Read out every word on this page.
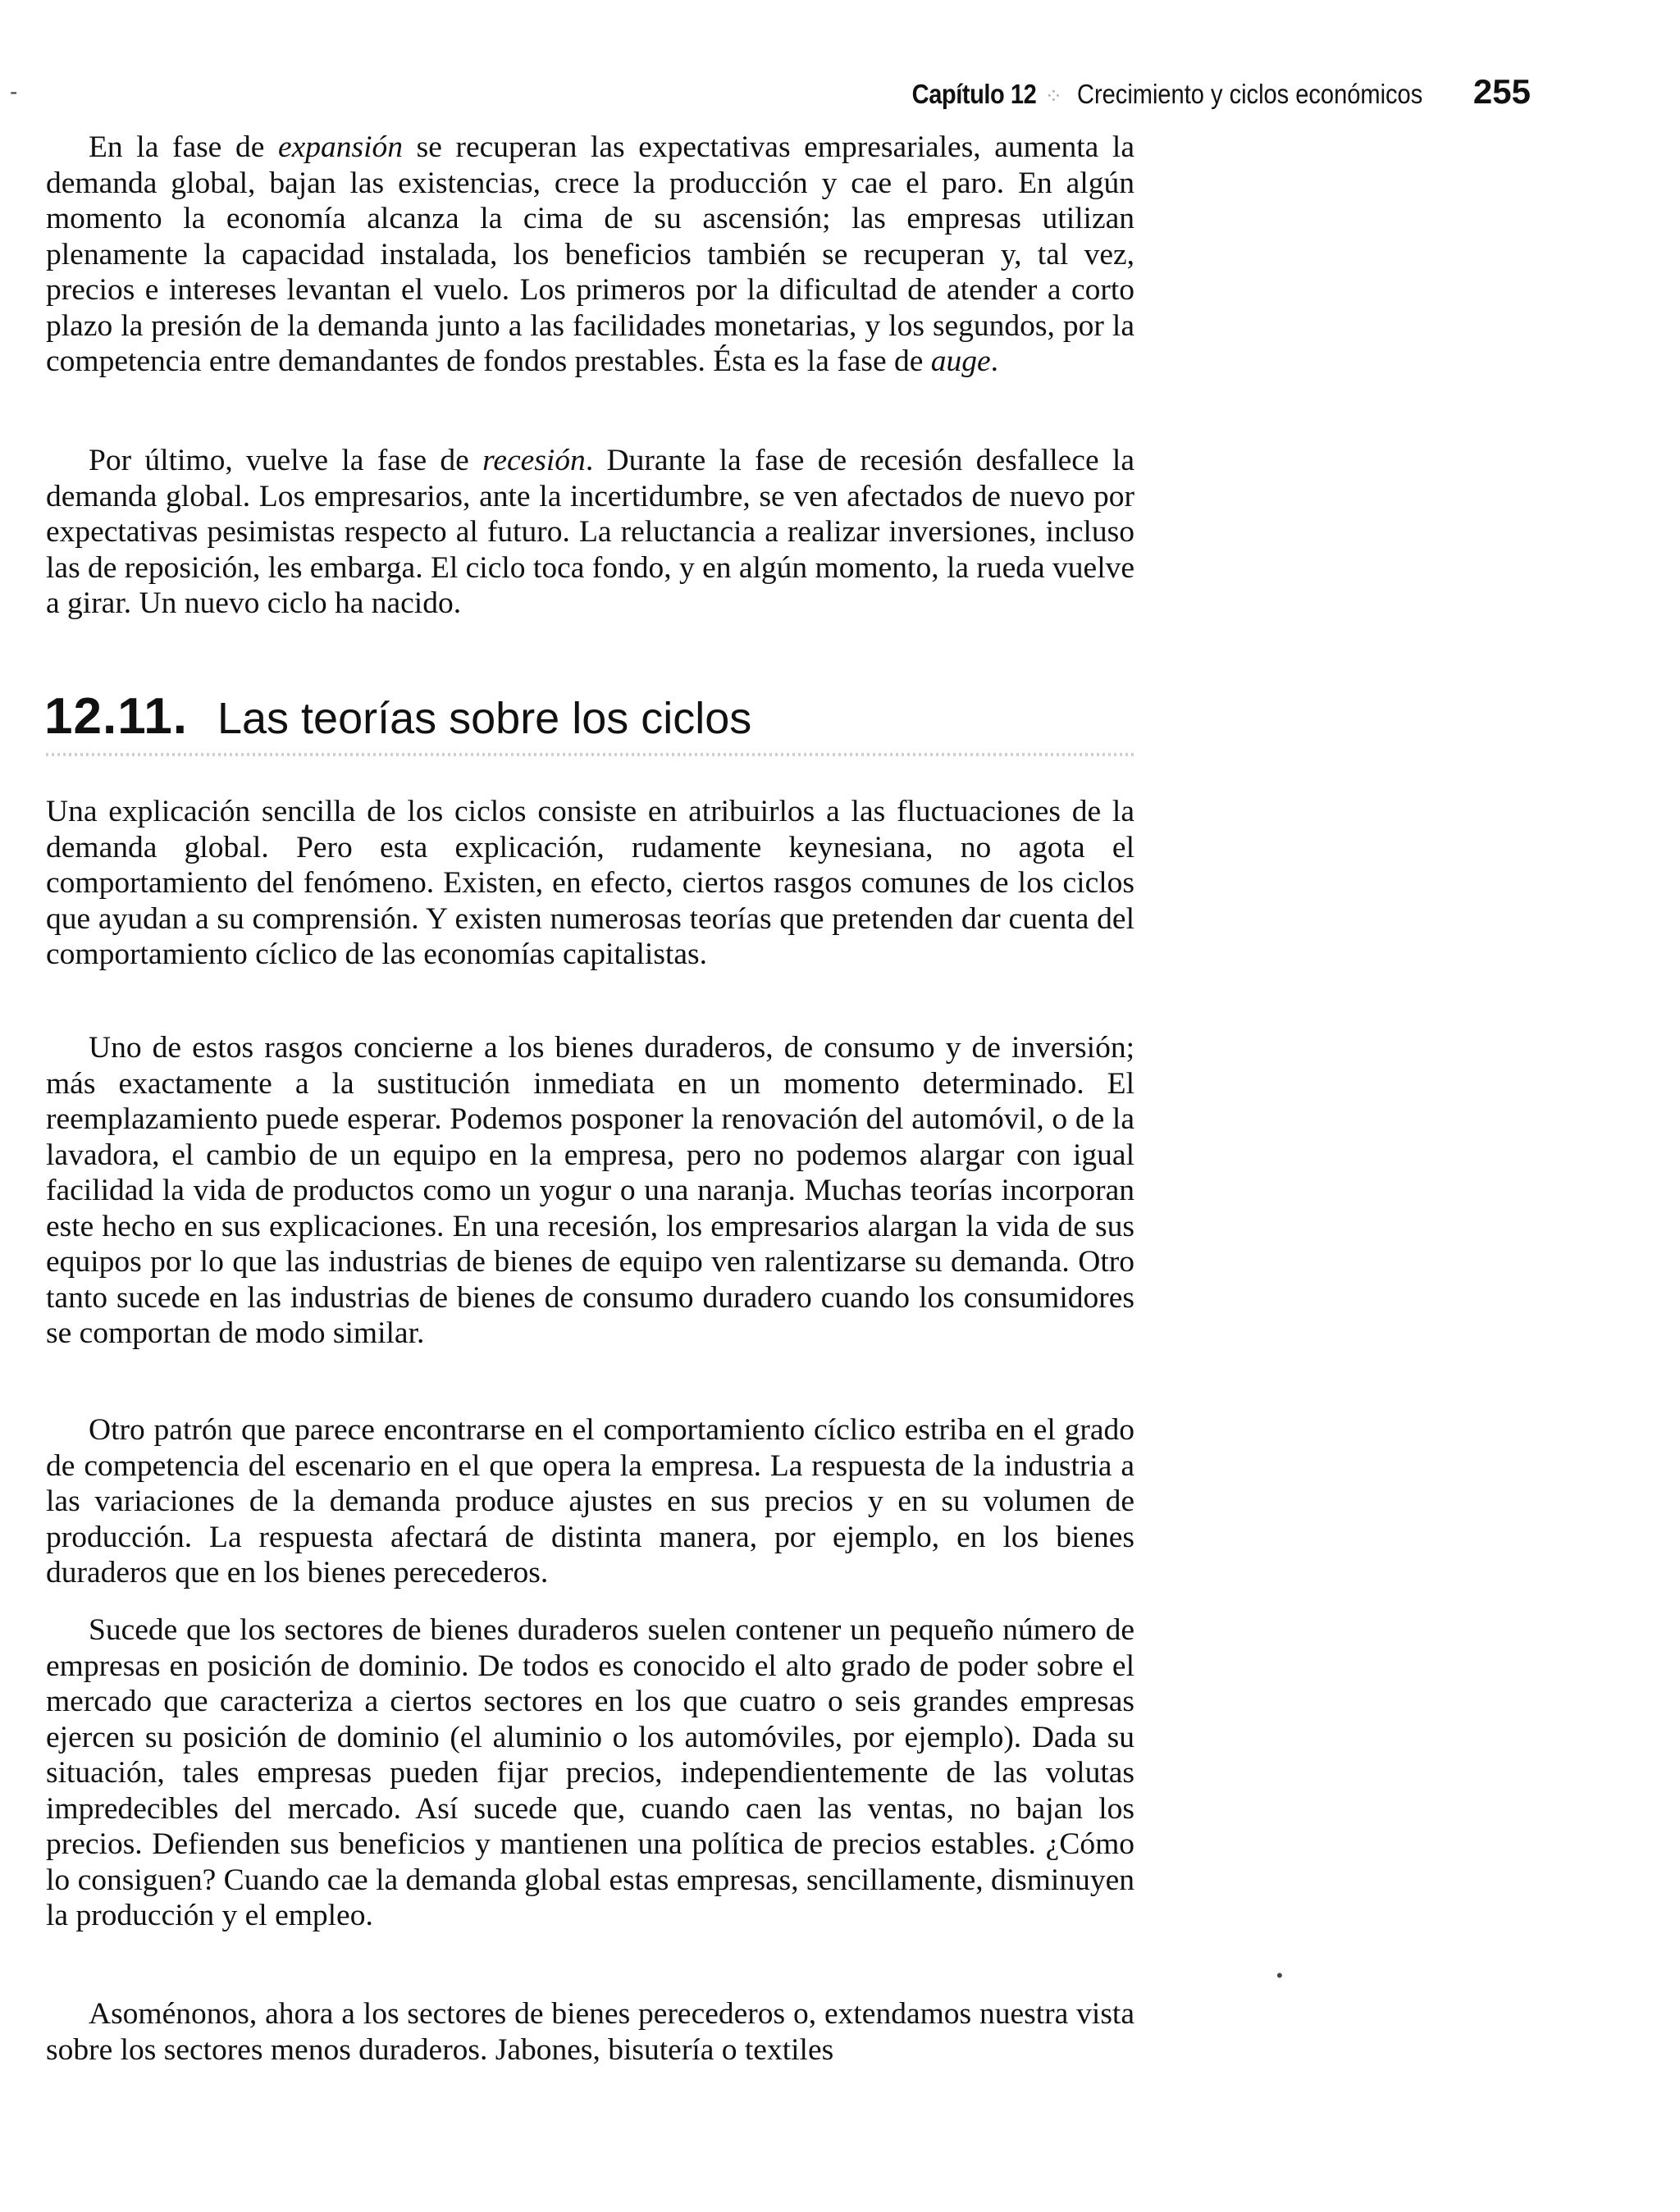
Capítulo 12 ⁘ Crecimiento y ciclos económicos 255
-

En la fase de expansión se recuperan las expectativas empresariales, aumenta la demanda global, bajan las existencias, crece la producción y cae el paro. En algún momento la economía alcanza la cima de su ascensión; las empresas utilizan plenamente la capacidad instalada, los beneficios también se recuperan y, tal vez, precios e intereses levantan el vuelo. Los primeros por la dificultad de atender a corto plazo la presión de la demanda junto a las facilidades monetarias, y los segundos, por la competencia entre demandantes de fondos prestables. Ésta es la fase de auge.

Por último, vuelve la fase de recesión. Durante la fase de recesión desfallece la demanda global. Los empresarios, ante la incertidumbre, se ven afectados de nuevo por expectativas pesimistas respecto al futuro. La reluctancia a realizar inversiones, incluso las de reposición, les embarga. El ciclo toca fondo, y en algún momento, la rueda vuelve a girar. Un nuevo ciclo ha nacido.

12.11. Las teorías sobre los ciclos

Una explicación sencilla de los ciclos consiste en atribuirlos a las fluctuaciones de la demanda global. Pero esta explicación, rudamente keynesiana, no agota el comportamiento del fenómeno. Existen, en efecto, ciertos rasgos comunes de los ciclos que ayudan a su comprensión. Y existen numerosas teorías que pretenden dar cuenta del comportamiento cíclico de las economías capitalistas.

Uno de estos rasgos concierne a los bienes duraderos, de consumo y de inversión; más exactamente a la sustitución inmediata en un momento determinado. El reemplazamiento puede esperar. Podemos posponer la renovación del automóvil, o de la lavadora, el cambio de un equipo en la empresa, pero no podemos alargar con igual facilidad la vida de productos como un yogur o una naranja. Muchas teorías incorporan este hecho en sus explicaciones. En una recesión, los empresarios alargan la vida de sus equipos por lo que las industrias de bienes de equipo ven ralentizarse su demanda. Otro tanto sucede en las industrias de bienes de consumo duradero cuando los consumidores se comportan de modo similar.

Otro patrón que parece encontrarse en el comportamiento cíclico estriba en el grado de competencia del escenario en el que opera la empresa. La respuesta de la industria a las variaciones de la demanda produce ajustes en sus precios y en su volumen de producción. La respuesta afectará de distinta manera, por ejemplo, en los bienes duraderos que en los bienes perecederos.

Sucede que los sectores de bienes duraderos suelen contener un pequeño número de empresas en posición de dominio. De todos es conocido el alto grado de poder sobre el mercado que caracteriza a ciertos sectores en los que cuatro o seis grandes empresas ejercen su posición de dominio (el aluminio o los automóviles, por ejemplo). Dada su situación, tales empresas pueden fijar precios, independientemente de las volutas impredecibles del mercado. Así sucede que, cuando caen las ventas, no bajan los precios. Defienden sus beneficios y mantienen una política de precios estables. ¿Cómo lo consiguen? Cuando cae la demanda global estas empresas, sencillamente, disminuyen la producción y el empleo.

Asoménonos, ahora a los sectores de bienes perecederos o, extendamos nuestra vista sobre los sectores menos duraderos. Jabones, bisutería o textiles

•
